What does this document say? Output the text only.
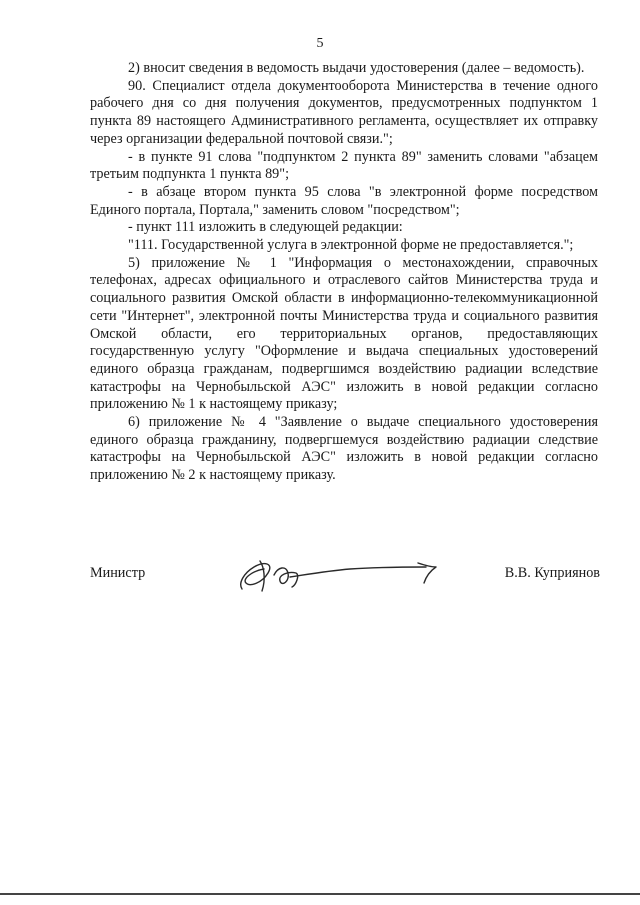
5

2) вносит сведения в ведомость выдачи удостоверения (далее – ведомость).

90. Специалист отдела документооборота Министерства в течение одного рабочего дня со дня получения документов, предусмотренных подпунктом 1 пункта 89 настоящего Административного регламента, осуществляет их отправку через организации федеральной почтовой связи.";

- в пункте 91 слова "подпунктом 2 пункта 89" заменить словами "абзацем третьим подпункта 1 пункта 89";

- в абзаце втором пункта 95 слова "в электронной форме посредством Единого портала, Портала," заменить словом "посредством";

- пункт 111 изложить в следующей редакции:

"111. Государственной услуга в электронной форме не предоставляется.";

5) приложение № 1 "Информация о местонахождении, справочных телефонах, адресах официального и отраслевого сайтов Министерства труда и социального развития Омской области в информационно-телекоммуникационной сети "Интернет", электронной почты Министерства труда и социального развития Омской области, его территориальных органов, предоставляющих государственную услугу "Оформление и выдача специальных удостоверений единого образца гражданам, подвергшимся воздействию радиации вследствие катастрофы на Чернобыльской АЭС" изложить в новой редакции согласно приложению № 1 к настоящему приказу;

6) приложение № 4 "Заявление о выдаче специального удостоверения единого образца гражданину, подвергшемуся воздействию радиации следствие катастрофы на Чернобыльской АЭС" изложить в новой редакции согласно приложению № 2 к настоящему приказу.

Министр	В.В. Куприянов
